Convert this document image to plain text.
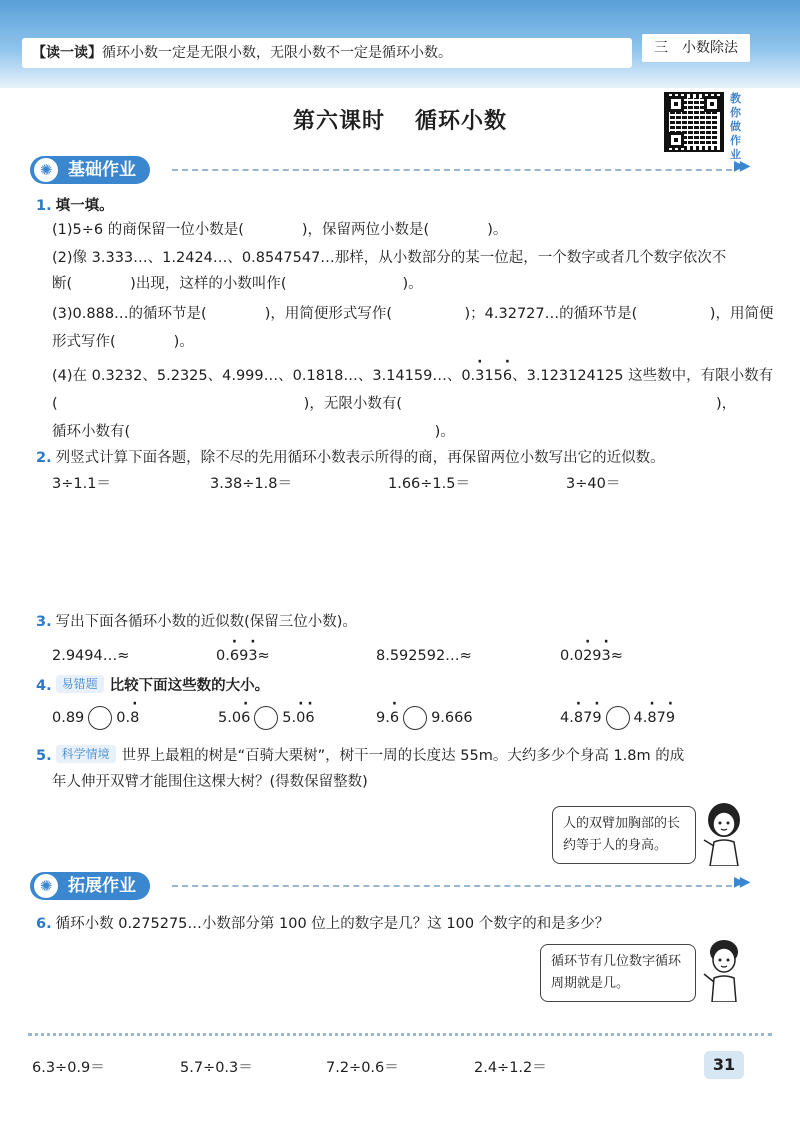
【读一读】循环小数一定是无限小数，无限小数不一定是循环小数。	三　小数除法
第六课时 循环小数
教
你
做
作
业
✺ 基础作业	▶▶
1. 填一填。
(1)5÷6 的商保留一位小数是(　　　　)，保留两位小数是(　　　　)。
(2)像 3.333…、1.2424…、0.8547547…那样，从小数部分的某一位起，一个数字或者几个数字依次不
断(　　　　)出现，这样的小数叫作(　　　　　　　　)。
(3)0.888…的循环节是(　　　　)，用简便形式写作(　　　　　)；4.32727…的循环节是(　　　　　)，用简便
形式写作(　　　　)。
(4)在 0.3232、5.2325、4.999…、0.1818…、3.14159…、0.· 315· 6、3.123124125 这些数中，有限小数有
(	)，无限小数有(	)，
循环小数有(　　　　　　　　　　　　　　　　　　　　　)。
2. 列竖式计算下面各题，除不尽的先用循环小数表示所得的商，再保留两位小数写出它的近似数。
3÷1.1＝	3.38÷1.8＝	1.66÷1.5＝	3÷40＝
3. 写出下面各循环小数的近似数(保留三位小数)。
2.9494…≈	0.· 69· 3≈	8.592592…≈	0.0· 29· 3≈
4. 易错题 比较下面这些数的大小。
0.89 0.· 8	5.0· 6 5.· 0· 6	9.· 6 9.666	4.· 87· 9 4.· 87· 9
5. 科学情境 世界上最粗的树是“百骑大栗树”，树干一周的长度达 55m。大约多少个身高 1.8m 的成
年人伸开双臂才能围住这棵大树？(得数保留整数)
人的双臂加胸部的长
约等于人的身高。
✺ 拓展作业	▶▶
6. 循环小数 0.275275…小数部分第 100 位上的数字是几？这 100 个数字的和是多少？
循环节有几位数字循环
周期就是几。
6.3÷0.9＝	5.7÷0.3＝	7.2÷0.6＝	2.4÷1.2＝	31
